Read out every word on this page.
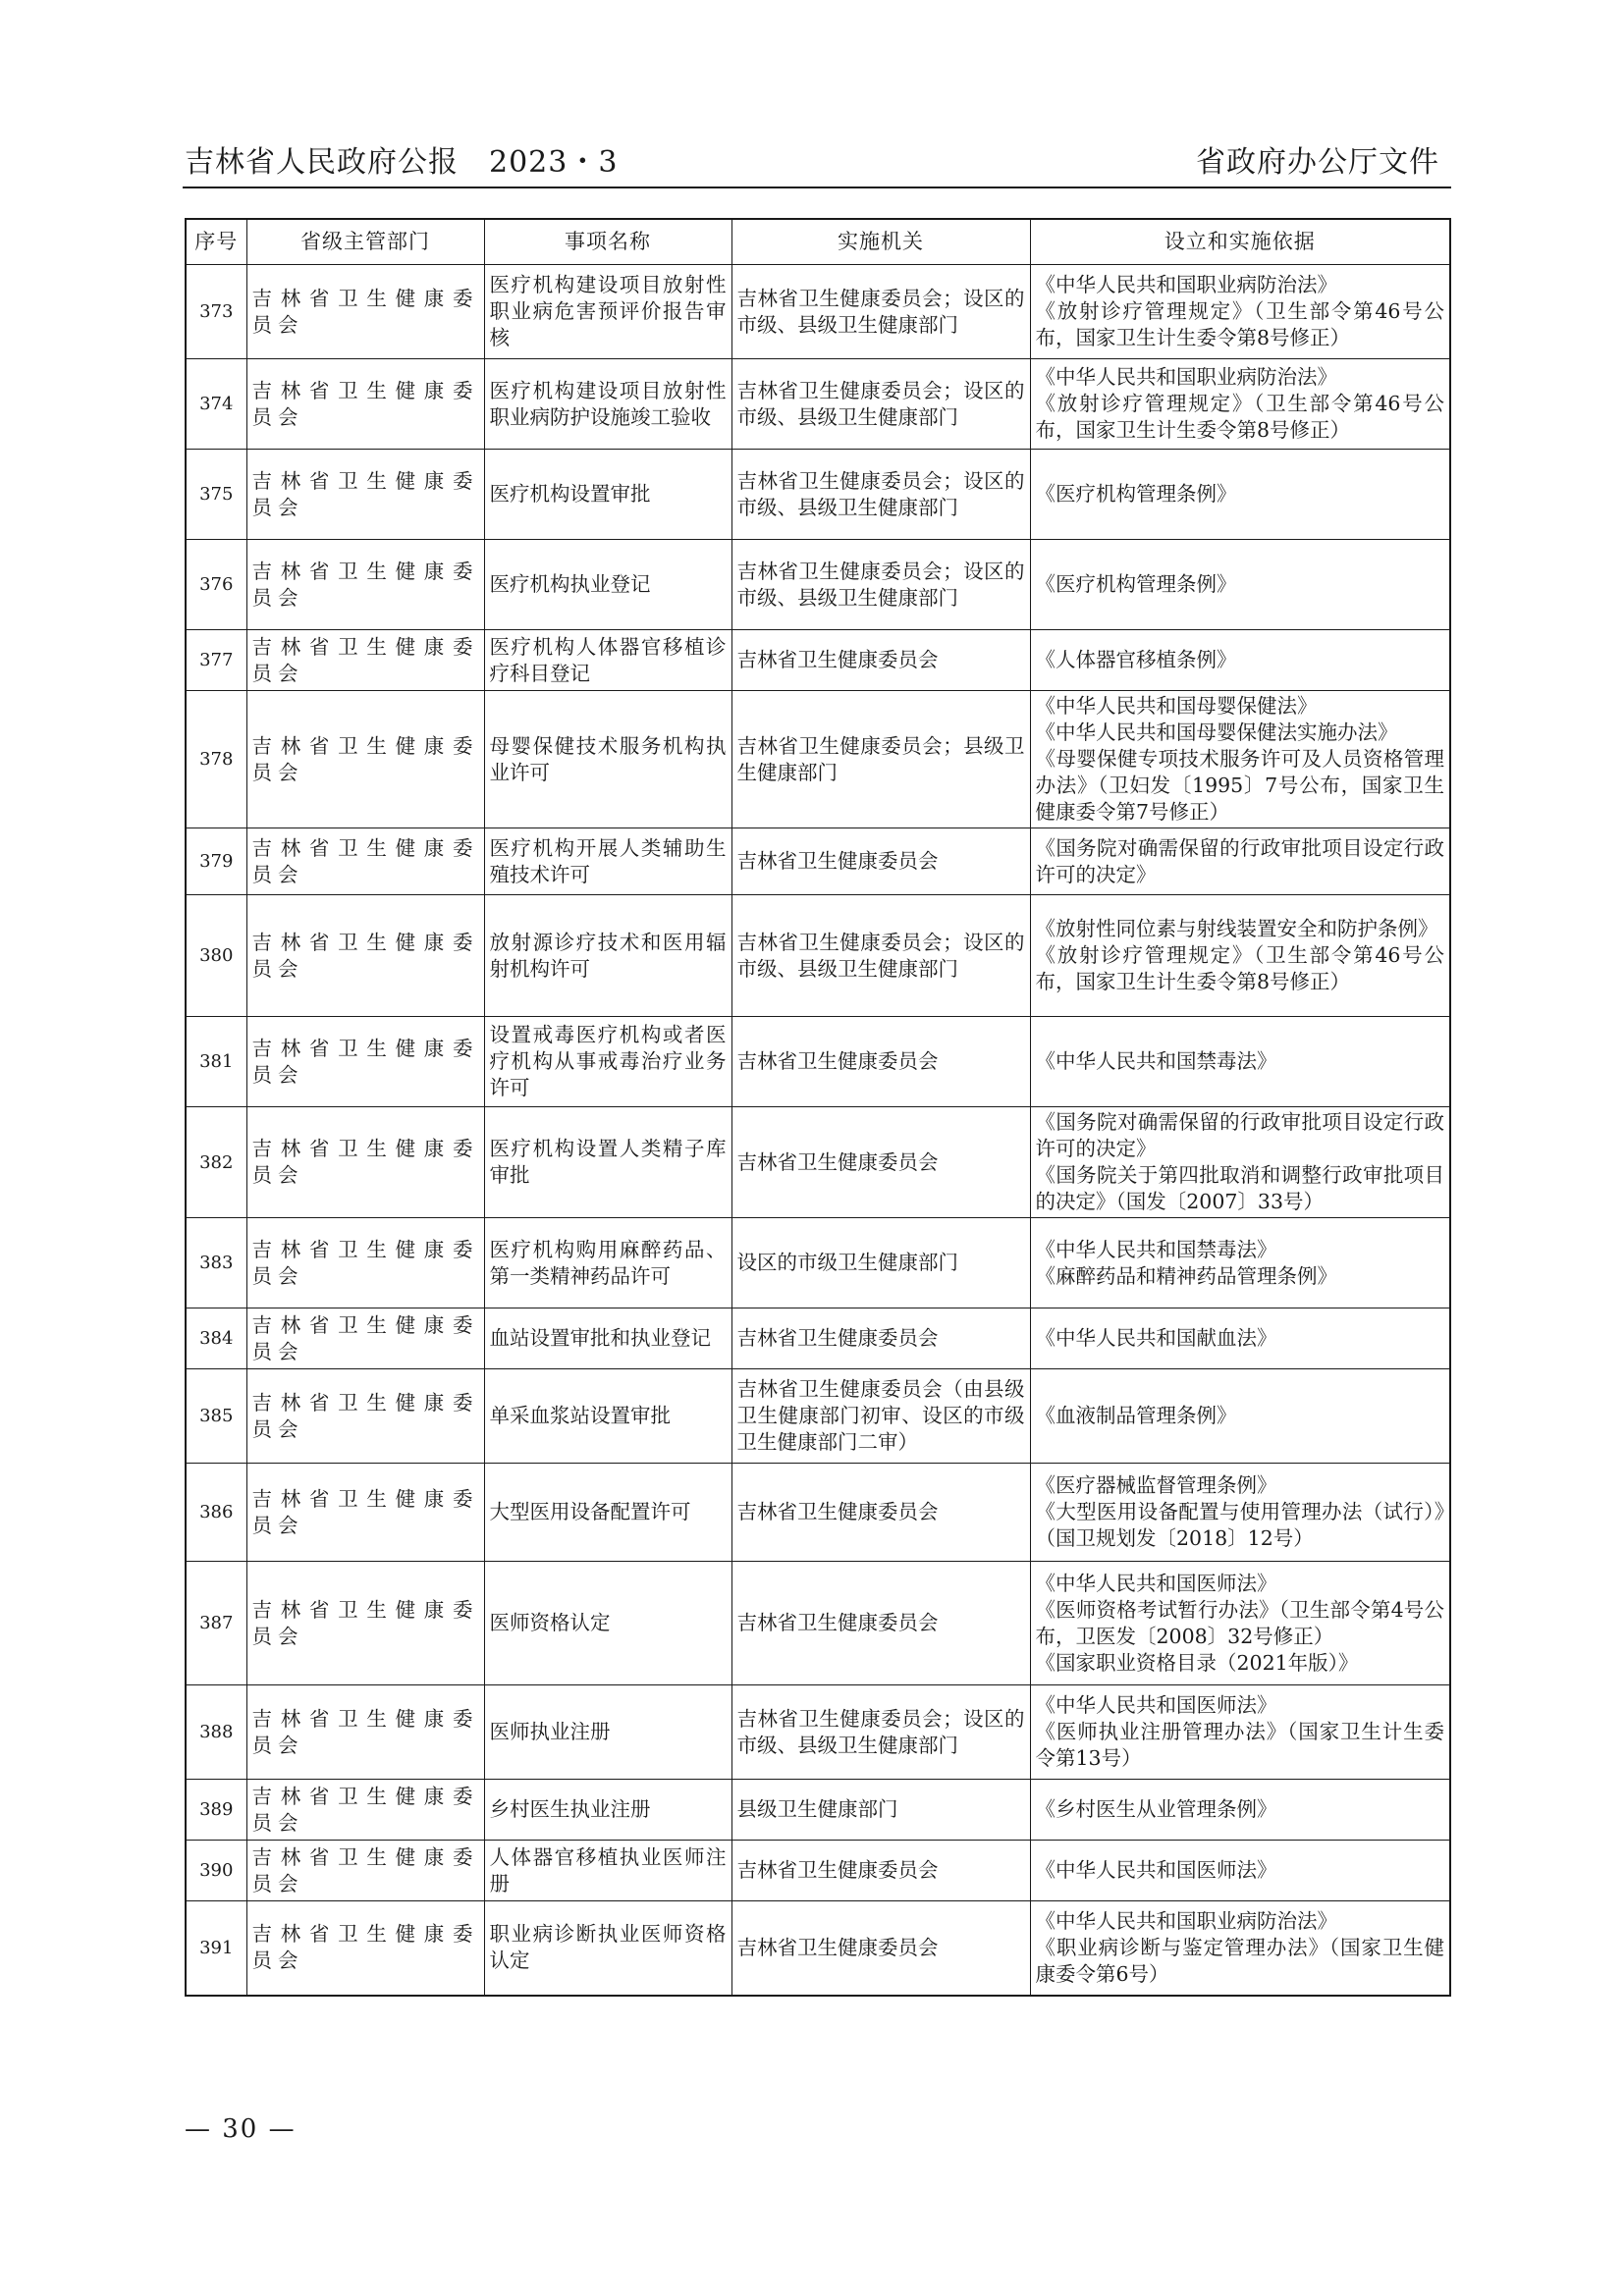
吉林省人民政府公报　2023・3	省政府办公厅文件
序号	省级主管部门	事项名称	实施机关	设立和实施依据
373	吉林省卫生健康委员会	医疗机构建设项目放射性职业病危害预评价报告审核	吉林省卫生健康委员会；设区的市级、县级卫生健康部门	《中华人民共和国职业病防治法》
《放射诊疗管理规定》（卫生部令第46号公布，国家卫生计生委令第8号修正）
374	吉林省卫生健康委员会	医疗机构建设项目放射性职业病防护设施竣工验收	吉林省卫生健康委员会；设区的市级、县级卫生健康部门	《中华人民共和国职业病防治法》
《放射诊疗管理规定》（卫生部令第46号公布，国家卫生计生委令第8号修正）
375	吉林省卫生健康委员会	医疗机构设置审批	吉林省卫生健康委员会；设区的市级、县级卫生健康部门	《医疗机构管理条例》
376	吉林省卫生健康委员会	医疗机构执业登记	吉林省卫生健康委员会；设区的市级、县级卫生健康部门	《医疗机构管理条例》
377	吉林省卫生健康委员会	医疗机构人体器官移植诊疗科目登记	吉林省卫生健康委员会	《人体器官移植条例》
378	吉林省卫生健康委员会	母婴保健技术服务机构执业许可	吉林省卫生健康委员会；县级卫生健康部门	《中华人民共和国母婴保健法》
《中华人民共和国母婴保健法实施办法》
《母婴保健专项技术服务许可及人员资格管理办法》（卫妇发〔1995〕7号公布，国家卫生健康委令第7号修正）
379	吉林省卫生健康委员会	医疗机构开展人类辅助生殖技术许可	吉林省卫生健康委员会	《国务院对确需保留的行政审批项目设定行政许可的决定》
380	吉林省卫生健康委员会	放射源诊疗技术和医用辐射机构许可	吉林省卫生健康委员会；设区的市级、县级卫生健康部门	《放射性同位素与射线装置安全和防护条例》
《放射诊疗管理规定》（卫生部令第46号公布，国家卫生计生委令第8号修正）
381	吉林省卫生健康委员会	设置戒毒医疗机构或者医疗机构从事戒毒治疗业务许可	吉林省卫生健康委员会	《中华人民共和国禁毒法》
382	吉林省卫生健康委员会	医疗机构设置人类精子库审批	吉林省卫生健康委员会	《国务院对确需保留的行政审批项目设定行政许可的决定》
《国务院关于第四批取消和调整行政审批项目的决定》（国发〔2007〕33号）
383	吉林省卫生健康委员会	医疗机构购用麻醉药品、第一类精神药品许可	设区的市级卫生健康部门	《中华人民共和国禁毒法》
《麻醉药品和精神药品管理条例》
384	吉林省卫生健康委员会	血站设置审批和执业登记	吉林省卫生健康委员会	《中华人民共和国献血法》
385	吉林省卫生健康委员会	单采血浆站设置审批	吉林省卫生健康委员会（由县级卫生健康部门初审、设区的市级卫生健康部门二审）	《血液制品管理条例》
386	吉林省卫生健康委员会	大型医用设备配置许可	吉林省卫生健康委员会	《医疗器械监督管理条例》
《大型医用设备配置与使用管理办法（试行）》（国卫规划发〔2018〕12号）
387	吉林省卫生健康委员会	医师资格认定	吉林省卫生健康委员会	《中华人民共和国医师法》
《医师资格考试暂行办法》（卫生部令第4号公布，卫医发〔2008〕32号修正）
《国家职业资格目录（2021年版）》
388	吉林省卫生健康委员会	医师执业注册	吉林省卫生健康委员会；设区的市级、县级卫生健康部门	《中华人民共和国医师法》
《医师执业注册管理办法》（国家卫生计生委令第13号）
389	吉林省卫生健康委员会	乡村医生执业注册	县级卫生健康部门	《乡村医生从业管理条例》
390	吉林省卫生健康委员会	人体器官移植执业医师注册	吉林省卫生健康委员会	《中华人民共和国医师法》
391	吉林省卫生健康委员会	职业病诊断执业医师资格认定	吉林省卫生健康委员会	《中华人民共和国职业病防治法》
《职业病诊断与鉴定管理办法》（国家卫生健康委令第6号）
— 30 —
